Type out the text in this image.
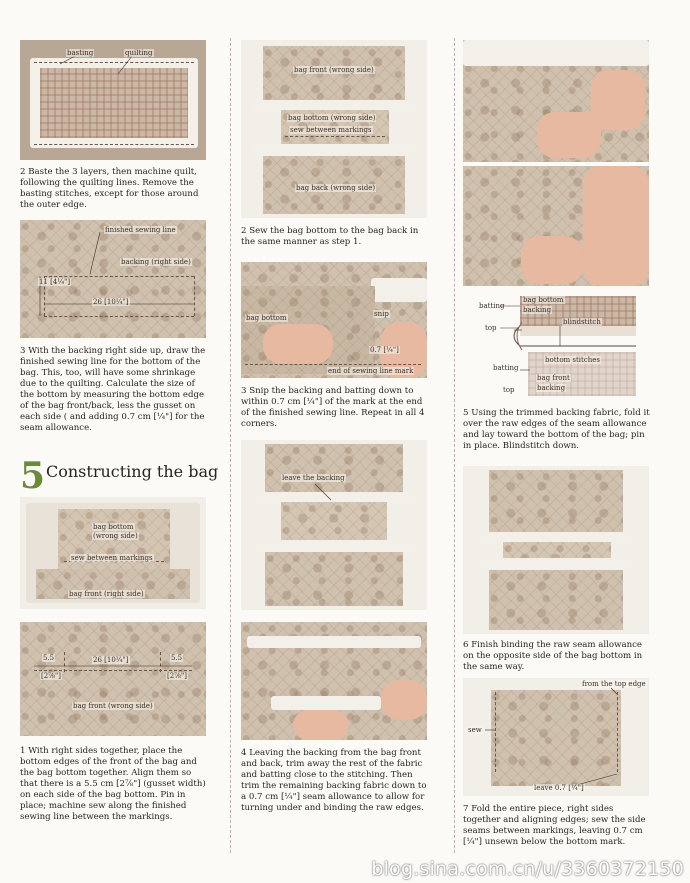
basting	quilting
2 Baste the 3 layers, then machine quilt, following the quilting lines. Remove the basting stitches, except for those around the outer edge.
finished sewing line
backing (right side)
11 [4¼"]
26 [10¼"]
3 With the backing right side up, draw the finished sewing line for the bottom of the bag. This, too, will have some shrinkage due to the quilting. Calculate the size of the bottom by measuring the bottom edge of the bag front/back, less the gusset on each side ( and adding 0.7 cm [¼"] for the seam allowance.
5 Constructing the bag
bag bottom
(wrong side)
sew between markings
bag front (right side)
5.5
[2⅞"]
26 [10¼"]	5.5
[2⅞"]
bag front (wrong side)
1 With right sides together, place the bottom edges of the front of the bag and the bag bottom together. Align them so that there is a 5.5 cm [2⅞"] (gusset width) on each side of the bag bottom. Pin in place; machine sew along the finished sewing line between the markings.
bag front (wrong side)
bag bottom (wrong side)
sew between markings
bag back (wrong side)
2 Sew the bag bottom to the bag back in the same manner as step 1.
bag bottom	snip
0.7 [¼"]
end of sewing line mark
3 Snip the backing and batting down to within 0.7 cm [¼"] of the mark at the end of the finished sewing line. Repeat in all 4 corners.
leave the backing
4 Leaving the backing from the bag front and back, trim away the rest of the fabric and batting close to the stitching. Then trim the remaining backing fabric down to a 0.7 cm [¼"] seam allowance to allow for turning under and binding the raw edges.
batting
top
bag bottom
backing
blindstitch
bottom stitches
batting
top
bag front
backing
5 Using the trimmed backing fabric, fold it over the raw edges of the seam allowance and lay toward the bottom of the bag; pin in place. Blindstitch down.
6 Finish binding the raw seam allowance on the opposite side of the bag bottom in the same way.
from the top edge
sew
leave 0.7 [¼"]
7 Fold the entire piece, right sides together and aligning edges; sew the side seams between markings, leaving 0.7 cm [¼"] unsewn below the bottom mark.
blog.sina.com.cn/u/3360372150
